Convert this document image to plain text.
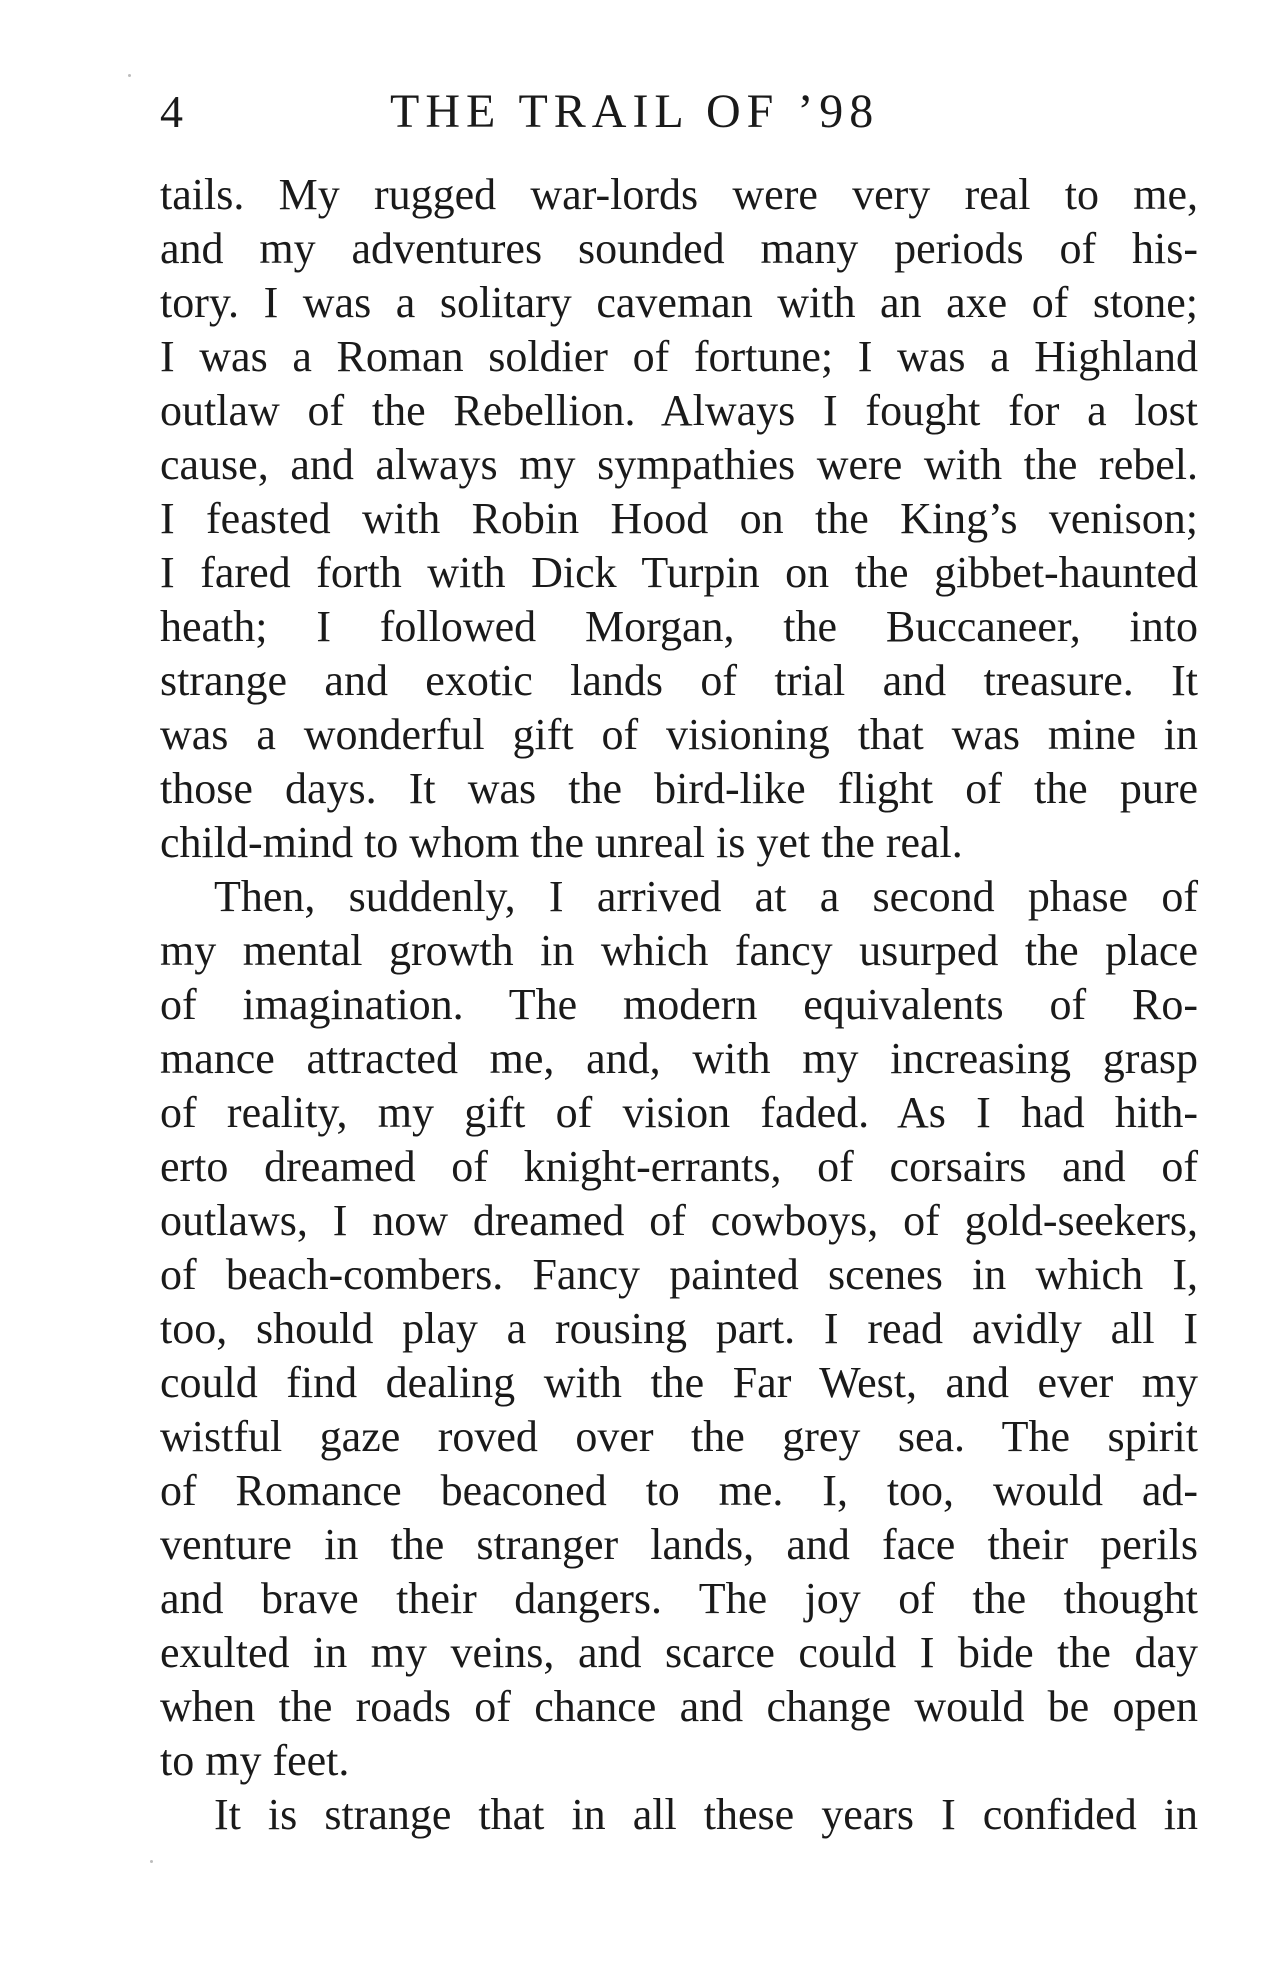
4	THE TRAIL OF ’98
tails. My rugged war-lords were very real to me,
and my adventures sounded many periods of his-
tory. I was a solitary caveman with an axe of stone;
I was a Roman soldier of fortune; I was a Highland
outlaw of the Rebellion. Always I fought for a lost
cause, and always my sympathies were with the rebel.
I feasted with Robin Hood on the King’s venison;
I fared forth with Dick Turpin on the gibbet-haunted
heath; I followed Morgan, the Buccaneer, into
strange and exotic lands of trial and treasure. It
was a wonderful gift of visioning that was mine in
those days. It was the bird-like flight of the pure
child-mind to whom the unreal is yet the real.
Then, suddenly, I arrived at a second phase of
my mental growth in which fancy usurped the place
of imagination. The modern equivalents of Ro-
mance attracted me, and, with my increasing grasp
of reality, my gift of vision faded. As I had hith-
erto dreamed of knight-errants, of corsairs and of
outlaws, I now dreamed of cowboys, of gold-seekers,
of beach-combers. Fancy painted scenes in which I,
too, should play a rousing part. I read avidly all I
could find dealing with the Far West, and ever my
wistful gaze roved over the grey sea. The spirit
of Romance beaconed to me. I, too, would ad-
venture in the stranger lands, and face their perils
and brave their dangers. The joy of the thought
exulted in my veins, and scarce could I bide the day
when the roads of chance and change would be open
to my feet.
It is strange that in all these years I confided in
